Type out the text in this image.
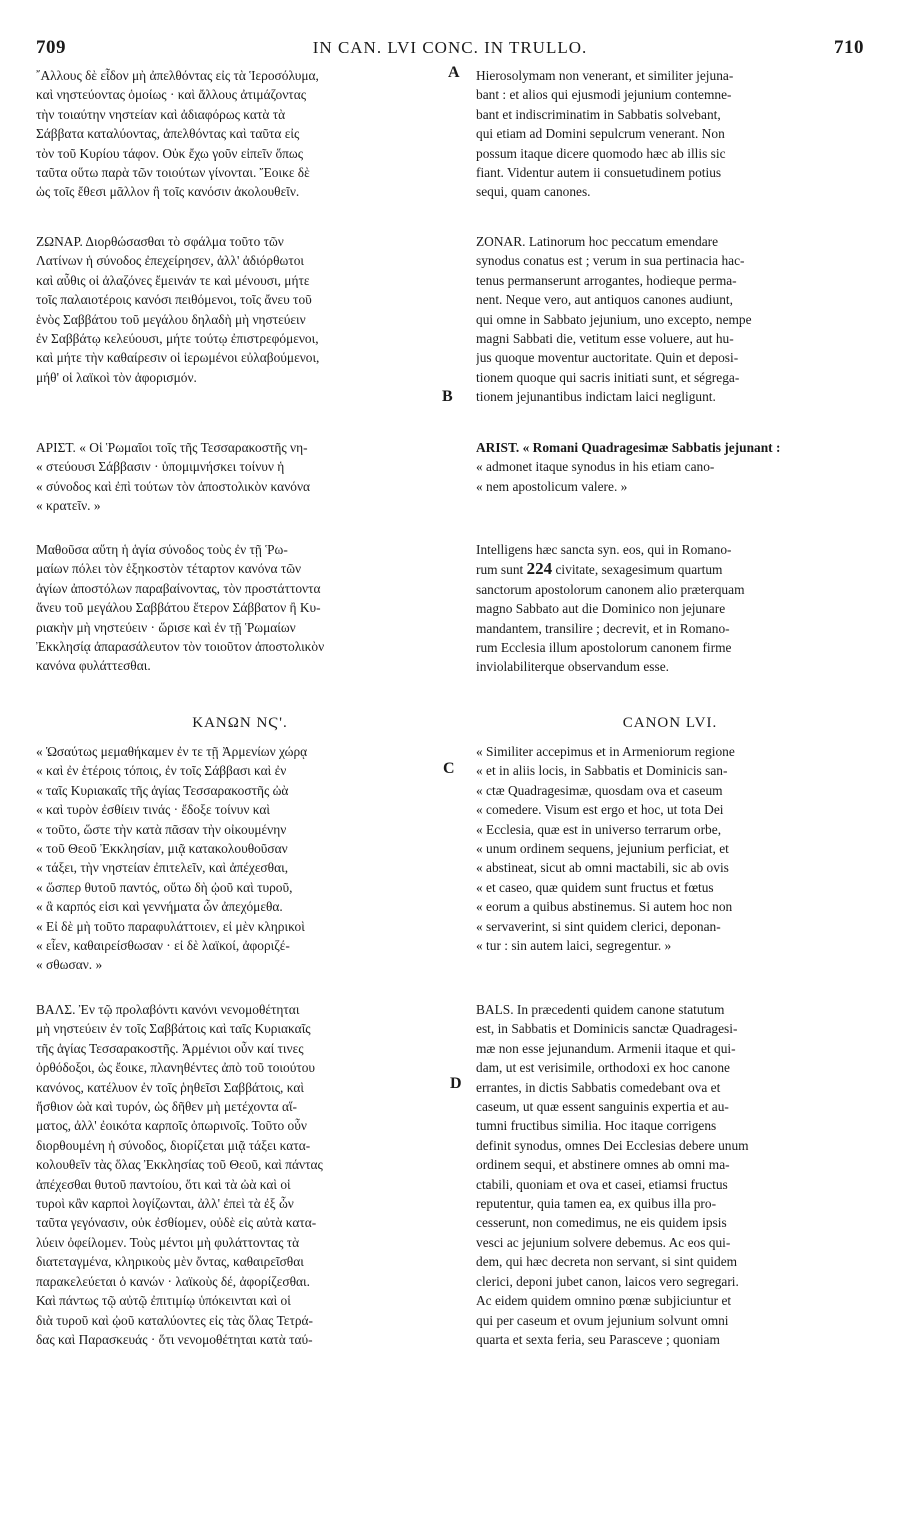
709	IN CAN. LVI CONC. IN TRULLO.	710
A
B
C
D
῎Αλλους δὲ εἶδον μὴ ἀπελθόντας εἰς τὰ Ἱεροσόλυμα,
καὶ νηστεύοντας ὁμοίως · καὶ ἄλλους ἀτιμάζοντας
τὴν τοιαύτην νηστείαν καὶ ἀδιαφόρως κατὰ τὰ
Σάββατα καταλύοντας, ἀπελθόντας καὶ ταῦτα εἰς
τὸν τοῦ Κυρίου τάφον. Οὐκ ἔχω γοῦν εἰπεῖν ὅπως
ταῦτα οὕτω παρὰ τῶν τοιούτων γίνονται. Ἔοικε δὲ
ὡς τοῖς ἔθεσι μᾶλλον ἢ τοῖς κανόσιν ἀκολουθεῖν.
ΖΩΝΑΡ. Διορθώσασθαι τὸ σφάλμα τοῦτο τῶν
Λατίνων ἡ σύνοδος ἐπεχείρησεν, ἀλλ' ἀδιόρθωτοι
καὶ αὖθις οἱ ἀλαζόνες ἔμεινάν τε καὶ μένουσι, μήτε
τοῖς παλαιοτέροις κανόσι πειθόμενοι, τοῖς ἄνευ τοῦ
ἑνὸς Σαββάτου τοῦ μεγάλου δηλαδὴ μὴ νηστεύειν
ἐν Σαββάτῳ κελεύουσι, μήτε τούτῳ ἐπιστρεφόμενοι,
καὶ μήτε τὴν καθαίρεσιν οἱ ἱερωμένοι εὐλαβούμενοι,
μήθ' οἱ λαϊκοὶ τὸν ἀφορισμόν.
ΑΡΙΣΤ. « Οἱ Ῥωμαῖοι τοῖς τῆς Τεσσαρακοστῆς νη-
« στεύουσι Σάββασιν · ὑπομιμνήσκει τοίνυν ἡ
« σύνοδος καὶ ἐπὶ τούτων τὸν ἀποστολικὸν κανόνα
« κρατεῖν. »
Μαθοῦσα αὕτη ἡ ἁγία σύνοδος τοὺς ἐν τῇ Ῥω-
μαίων πόλει τὸν ἑξηκοστὸν τέταρτον κανόνα τῶν
ἁγίων ἀποστόλων παραβαίνοντας, τὸν προστάττοντα
ἄνευ τοῦ μεγάλου Σαββάτου ἕτερον Σάββατον ἢ Κυ-
ριακὴν μὴ νηστεύειν · ὥρισε καὶ ἐν τῇ Ῥωμαίων
Ἐκκλησίᾳ ἀπαρασάλευτον τὸν τοιοῦτον ἀποστολικὸν
κανόνα φυλάττεσθαι.
ΚΑΝΩΝ ΝϚ'.
« Ὡσαύτως μεμαθήκαμεν ἐν τε τῇ Ἀρμενίων χώρᾳ
« καὶ ἐν ἑτέροις τόποις, ἐν τοῖς Σάββασι καὶ ἐν
« ταῖς Κυριακαῖς τῆς ἁγίας Τεσσαρακοστῆς ὠὰ
« καὶ τυρὸν ἐσθίειν τινάς · ἔδοξε τοίνυν καὶ
« τοῦτο, ὥστε τὴν κατὰ πᾶσαν τὴν οἰκουμένην
« τοῦ Θεοῦ Ἐκκλησίαν, μιᾷ κατακολουθοῦσαν
« τάξει, τὴν νηστείαν ἐπιτελεῖν, καὶ ἀπέχεσθαι,
« ὥσπερ θυτοῦ παντός, οὕτω δὴ ᾠοῦ καὶ τυροῦ,
« ἃ καρπός εἰσι καὶ γεννήματα ὧν ἀπεχόμεθα.
« Εἰ δὲ μὴ τοῦτο παραφυλάττοιεν, εἰ μὲν κληρικοὶ
« εἶεν, καθαιρείσθωσαν · εἰ δὲ λαϊκοί, ἀφοριζέ-
« σθωσαν. »
ΒΑΛΣ. Ἐν τῷ προλαβόντι κανόνι νενομοθέτηται
μὴ νηστεύειν ἐν τοῖς Σαββάτοις καὶ ταῖς Κυριακαῖς
τῆς ἁγίας Τεσσαρακοστῆς. Ἀρμένιοι οὖν καί τινες
ὀρθόδοξοι, ὡς ἔοικε, πλανηθέντες ἀπὸ τοῦ τοιούτου
κανόνος, κατέλυον ἐν τοῖς ῥηθεῖσι Σαββάτοις, καὶ
ἤσθιον ὠὰ καὶ τυρόν, ὡς δῆθεν μὴ μετέχοντα αἵ-
ματος, ἀλλ' ἐοικότα καρποῖς ὀπωρινοῖς. Τοῦτο οὖν
διορθουμένη ἡ σύνοδος, διορίζεται μιᾷ τάξει κατα-
κολουθεῖν τὰς ὅλας Ἐκκλησίας τοῦ Θεοῦ, καὶ πάντας
ἀπέχεσθαι θυτοῦ παντοίου, ὅτι καὶ τὰ ὠὰ καὶ οἱ
τυροὶ κἂν καρποὶ λογίζωνται, ἀλλ' ἐπεὶ τὰ ἐξ ὧν
ταῦτα γεγόνασιν, οὐκ ἐσθίομεν, οὐδὲ εἰς αὐτὰ κατα-
λύειν ὀφείλομεν. Τοὺς μέντοι μὴ φυλάττοντας τὰ
διατεταγμένα, κληρικοὺς μὲν ὄντας, καθαιρεῖσθαι
παρακελεύεται ὁ κανών · λαϊκοὺς δέ, ἀφορίζεσθαι.
Καὶ πάντως τῷ αὐτῷ ἐπιτιμίῳ ὑπόκεινται καὶ οἱ
διὰ τυροῦ καὶ ᾠοῦ καταλύοντες εἰς τὰς ὅλας Τετρά-
δας καὶ Παρασκευάς · ὅτι νενομοθέτηται κατὰ ταύ-
Hierosolymam non venerant, et similiter jejuna-
bant : et alios qui ejusmodi jejunium contemne-
bant et indiscriminatim in Sabbatis solvebant,
qui etiam ad Domini sepulcrum venerant. Non
possum itaque dicere quomodo hæc ab illis sic
fiant. Videntur autem ii consuetudinem potius
sequi, quam canones.
ZONAR. Latinorum hoc peccatum emendare
synodus conatus est ; verum in sua pertinacia hac-
tenus permanserunt arrogantes, hodieque perma-
nent. Neque vero, aut antiquos canones audiunt,
qui omne in Sabbato jejunium, uno excepto, nempe
magni Sabbati die, vetitum esse voluere, aut hu-
jus quoque moventur auctoritate. Quin et deposi-
tionem quoque qui sacris initiati sunt, et ségrega-
tionem jejunantibus indictam laici negligunt.
ARIST. « Romani Quadragesimæ Sabbatis jejunant :
« admonet itaque synodus in his etiam cano-
« nem apostolicum valere. »
Intelligens hæc sancta syn. eos, qui in Romano-
rum sunt 224 civitate, sexagesimum quartum
sanctorum apostolorum canonem alio præterquam
magno Sabbato aut die Dominico non jejunare
mandantem, transilire ; decrevit, et in Romano-
rum Ecclesia illum apostolorum canonem firme
inviolabiliterque observandum esse.
CANON LVI.
« Similiter accepimus et in Armeniorum regione
« et in aliis locis, in Sabbatis et Dominicis san-
« ctæ Quadragesimæ, quosdam ova et caseum
« comedere. Visum est ergo et hoc, ut tota Dei
« Ecclesia, quæ est in universo terrarum orbe,
« unum ordinem sequens, jejunium perficiat, et
« abstineat, sicut ab omni mactabili, sic ab ovis
« et caseo, quæ quidem sunt fructus et fœtus
« eorum a quibus abstinemus. Si autem hoc non
« servaverint, si sint quidem clerici, deponan-
« tur : sin autem laici, segregentur. »
BALS. In præcedenti quidem canone statutum
est, in Sabbatis et Dominicis sanctæ Quadragesi-
mæ non esse jejunandum. Armenii itaque et qui-
dam, ut est verisimile, orthodoxi ex hoc canone
errantes, in dictis Sabbatis comedebant ova et
caseum, ut quæ essent sanguinis expertia et au-
tumni fructibus similia. Hoc itaque corrigens
definit synodus, omnes Dei Ecclesias debere unum
ordinem sequi, et abstinere omnes ab omni ma-
ctabili, quoniam et ova et casei, etiamsi fructus
reputentur, quia tamen ea, ex quibus illa pro-
cesserunt, non comedimus, ne eis quidem ipsis
vesci ac jejunium solvere debemus. Ac eos qui-
dem, qui hæc decreta non servant, si sint quidem
clerici, deponi jubet canon, laicos vero segregari.
Ac eidem quidem omnino pœnæ subjiciuntur et
qui per caseum et ovum jejunium solvunt omni
quarta et sexta feria, seu Parasceve ; quoniam
